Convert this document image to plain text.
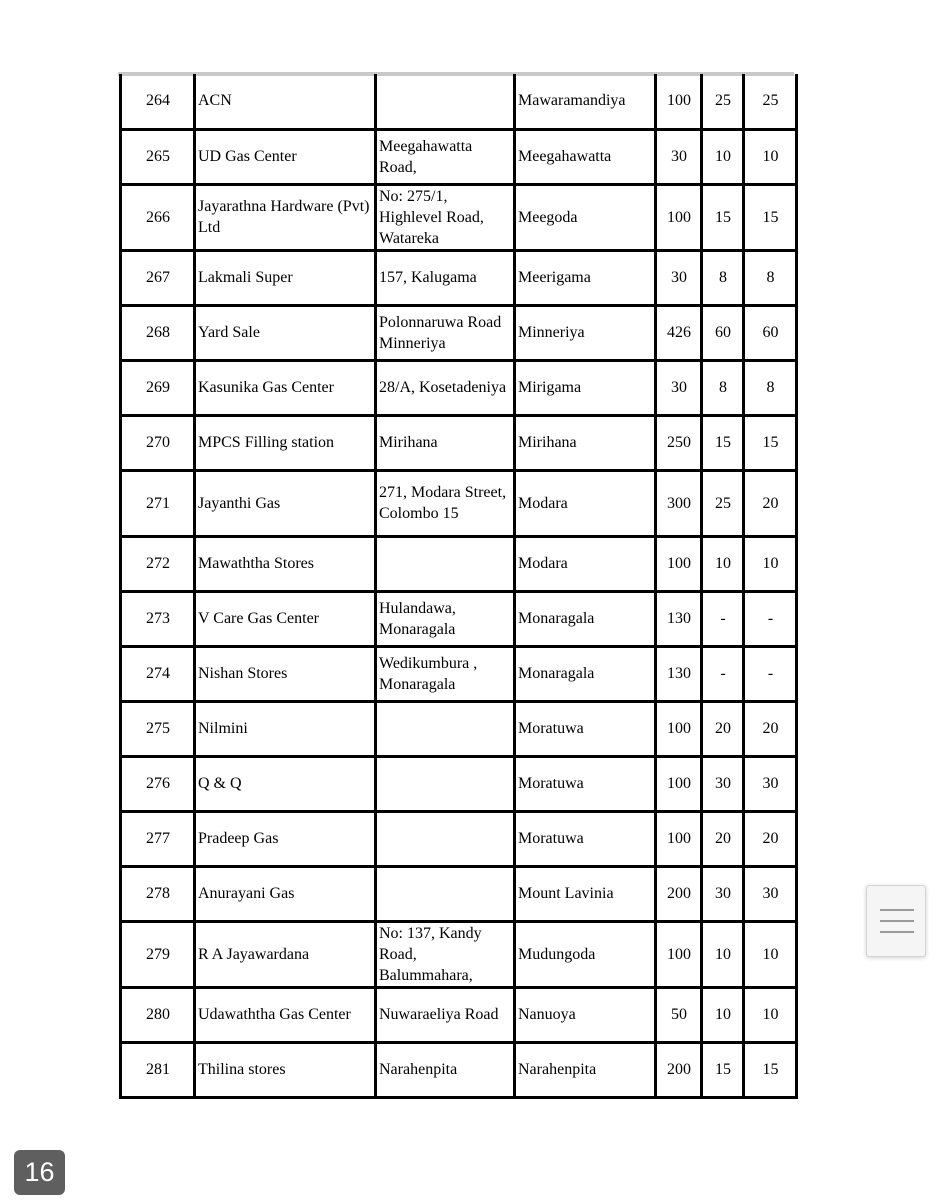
264	ACN		Mawaramandiya	100	25	25
265	UD Gas Center	Meegahawatta Road,	Meegahawatta	30	10	10
266	Jayarathna Hardware (Pvt) Ltd	No: 275/1, Highlevel Road, Watareka	Meegoda	100	15	15
267	Lakmali Super	157, Kalugama	Meerigama	30	8	8
268	Yard Sale	Polonnaruwa Road Minneriya	Minneriya	426	60	60
269	Kasunika Gas Center	28/A, Kosetadeniya	Mirigama	30	8	8
270	MPCS Filling station	Mirihana	Mirihana	250	15	15
271	Jayanthi Gas	271, Modara Street, Colombo 15	Modara	300	25	20
272	Mawaththa Stores		Modara	100	10	10
273	V Care Gas Center	Hulandawa, Monaragala	Monaragala	130	-	-
274	Nishan Stores	Wedikumbura , Monaragala	Monaragala	130	-	-
275	Nilmini		Moratuwa	100	20	20
276	Q & Q		Moratuwa	100	30	30
277	Pradeep Gas		Moratuwa	100	20	20
278	Anurayani Gas		Mount Lavinia	200	30	30
279	R A Jayawardana	No: 137, Kandy Road, Balummahara,	Mudungoda	100	10	10
280	Udawaththa Gas Center	Nuwaraeliya Road	Nanuoya	50	10	10
281	Thilina stores	Narahenpita	Narahenpita	200	15	15
16
